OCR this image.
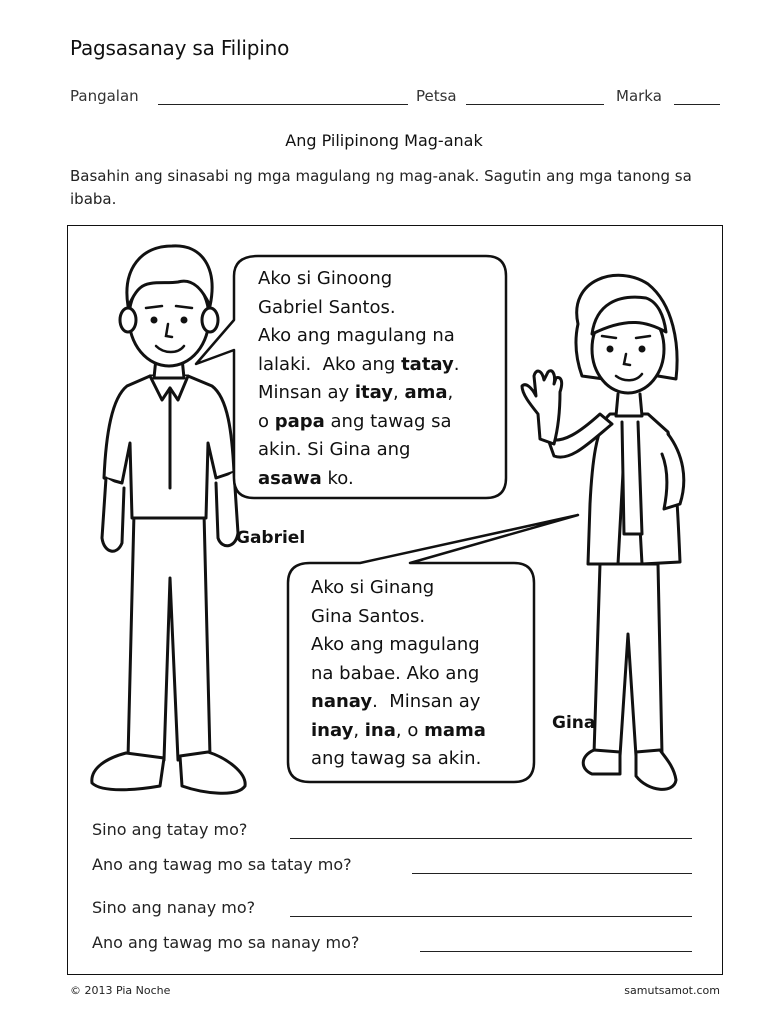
Pagsasanay sa Filipino
Pangalan	Petsa	Marka
Ang Pilipinong Mag-anak
Basahin ang sinasabi ng mga magulang ng mag-anak. Sagutin ang mga tanong sa ibaba.
Ako si Ginoong
Gabriel Santos.
Ako ang magulang na
lalaki.  Ako ang tatay.
Minsan ay itay, ama,
o papa ang tawag sa
akin. Si Gina ang
asawa ko.
Ako si Ginang
Gina Santos.
Ako ang magulang
na babae. Ako ang
nanay.  Minsan ay
inay, ina, o mama
ang tawag sa akin.
Gabriel
Gina
Sino ang tatay mo?
Ano ang tawag mo sa tatay mo?
Sino ang nanay mo?
Ano ang tawag mo sa nanay mo?
© 2013 Pia Noche	samutsamot.com
